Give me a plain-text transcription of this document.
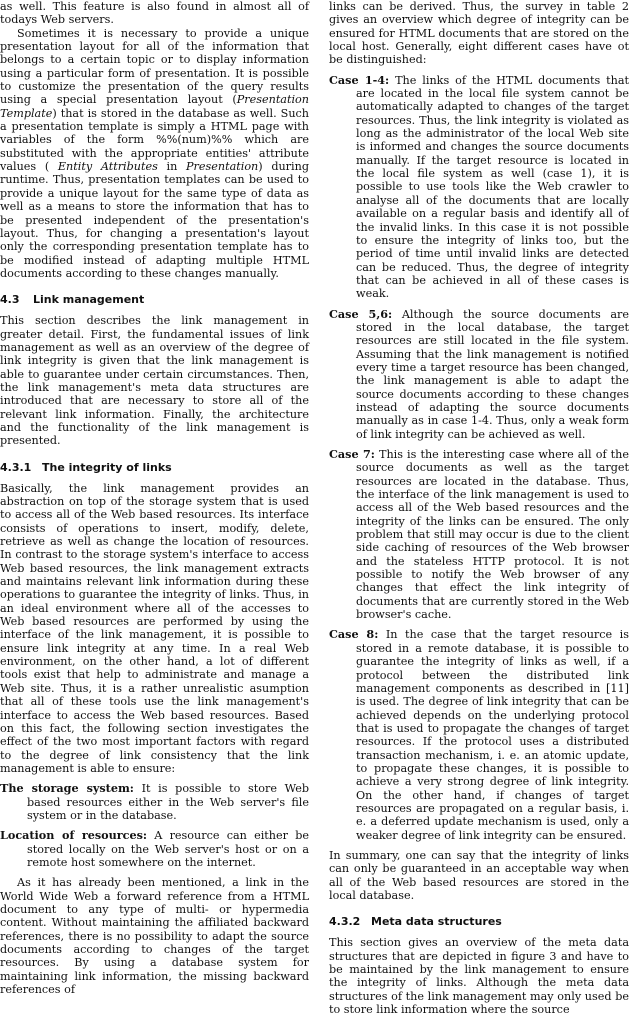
as well. This feature is also found in almost all of todays Web servers.

Sometimes it is necessary to provide a unique presentation layout for all of the information that belongs to a certain topic or to display information using a particular form of presentation. It is possible to customize the presentation of the query results using a special presentation layout (Presentation Template) that is stored in the database as well. Such a presentation template is simply a HTML page with variables of the form %%(num)%% which are substituted with the appropriate entities' attribute values ( Entity Attributes in Presentation) during runtime. Thus, presentation templates can be used to provide a unique layout for the same type of data as well as a means to store the information that has to be presented independent of the presentation's layout. Thus, for changing a presentation's layout only the corresponding presentation template has to be modified instead of adapting multiple HTML documents according to these changes manually.

4.3 Link management

This section describes the link management in greater detail. First, the fundamental issues of link management as well as an overview of the degree of link integrity is given that the link management is able to guarantee under certain circumstances. Then, the link management's meta data structures are introduced that are necessary to store all of the relevant link information. Finally, the architecture and the functionality of the link management is presented.

4.3.1 The integrity of links

Basically, the link management provides an abstraction on top of the storage system that is used to access all of the Web based resources. Its interface consists of operations to insert, modify, delete, retrieve as well as change the location of resources. In contrast to the storage system's interface to access Web based resources, the link management extracts and maintains relevant link information during these operations to guarantee the integrity of links. Thus, in an ideal environment where all of the accesses to Web based resources are performed by using the interface of the link management, it is possible to ensure link integrity at any time. In a real Web environment, on the other hand, a lot of different tools exist that help to administrate and manage a Web site. Thus, it is a rather unrealistic asumption that all of these tools use the link management's interface to access the Web based resources. Based on this fact, the following section investigates the effect of the two most important factors with regard to the degree of link consistency that the link management is able to ensure:

The storage system: It is possible to store Web based resources either in the Web server's file system or in the database.
Location of resources: A resource can either be stored locally on the Web server's host or on a remote host somewhere on the internet.

As it has already been mentioned, a link in the World Wide Web a forward reference from a HTML document to any type of multi- or hypermedia content. Without maintaining the affiliated backward references, there is no possibility to adapt the source documents according to changes of the target resources. By using a database system for maintaining link information, the missing backward references of

links can be derived. Thus, the survey in table 2 gives an overview which degree of integrity can be ensured for HTML documents that are stored on the local host. Generally, eight different cases have ot be distinguished:

Case 1-4: The links of the HTML documents that are located in the local file system cannot be automatically adapted to changes of the target resources. Thus, the link integrity is violated as long as the administrator of the local Web site is informed and changes the source documents manually. If the target resource is located in the local file system as well (case 1), it is possible to use tools like the Web crawler to analyse all of the documents that are locally available on a regular basis and identify all of the invalid links. In this case it is not possible to ensure the integrity of links too, but the period of time until invalid links are detected can be reduced. Thus, the degree of integrity that can be achieved in all of these cases is weak.
Case 5,6: Although the source documents are stored in the local database, the target resources are still located in the file system. Assuming that the link management is notified every time a target resource has been changed, the link management is able to adapt the source documents according to these changes instead of adapting the source documents manually as in case 1-4. Thus, only a weak form of link integrity can be achieved as well.
Case 7: This is the interesting case where all of the source documents as well as the target resources are located in the database. Thus, the interface of the link management is used to access all of the Web based resources and the integrity of the links can be ensured. The only problem that still may occur is due to the client side caching of resources of the Web browser and the stateless HTTP protocol. It is not possible to notify the Web browser of any changes that effect the link integrity of documents that are currently stored in the Web browser's cache.
Case 8: In the case that the target resource is stored in a remote database, it is possible to guarantee the integrity of links as well, if a protocol between the distributed link management components as described in [11] is used. The degree of link integrity that can be achieved depends on the underlying protocol that is used to propagate the changes of target resources. If the protocol uses a distributed transaction mechanism, i. e. an atomic update, to propagate these changes, it is possible to achieve a very strong degree of link integrity. On the other hand, if changes of target resources are propagated on a regular basis, i. e. a deferred update mechanism is used, only a weaker degree of link integrity can be ensured.

In summary, one can say that the integrity of links can only be guaranteed in an acceptable way when all of the Web based resources are stored in the local database.

4.3.2 Meta data structures

This section gives an overview of the meta data structures that are depicted in figure 3 and have to be maintained by the link management to ensure the integrity of links. Although the meta data structures of the link management may only used be to store link information where the source
